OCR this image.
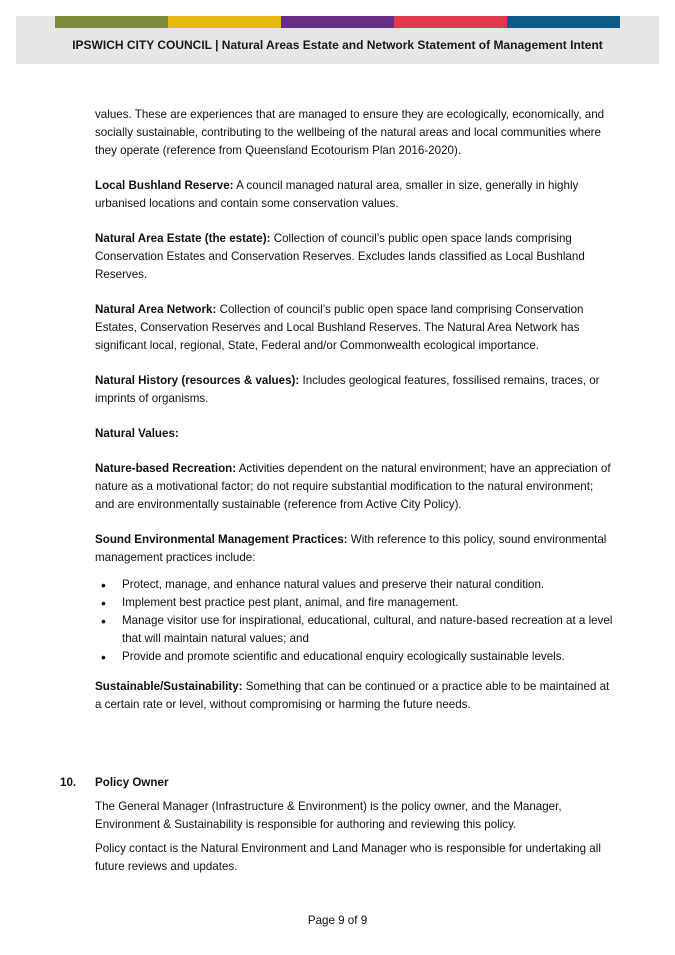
IPSWICH CITY COUNCIL | Natural Areas Estate and Network Statement of Management Intent

values. These are experiences that are managed to ensure they are ecologically, economically, and socially sustainable, contributing to the wellbeing of the natural areas and local communities where they operate (reference from Queensland Ecotourism Plan 2016-2020).

Local Bushland Reserve: A council managed natural area, smaller in size, generally in highly urbanised locations and contain some conservation values.

Natural Area Estate (the estate): Collection of council’s public open space lands comprising Conservation Estates and Conservation Reserves. Excludes lands classified as Local Bushland Reserves.

Natural Area Network: Collection of council’s public open space land comprising Conservation Estates, Conservation Reserves and Local Bushland Reserves. The Natural Area Network has significant local, regional, State, Federal and/or Commonwealth ecological importance.

Natural History (resources & values): Includes geological features, fossilised remains, traces, or imprints of organisms.

Natural Values:

Nature-based Recreation: Activities dependent on the natural environment; have an appreciation of nature as a motivational factor; do not require substantial modification to the natural environment; and are environmentally sustainable (reference from Active City Policy).

Sound Environmental Management Practices: With reference to this policy, sound environmental management practices include:

• Protect, manage, and enhance natural values and preserve their natural condition.
• Implement best practice pest plant, animal, and fire management.
• Manage visitor use for inspirational, educational, cultural, and nature-based recreation at a level that will maintain natural values; and
• Provide and promote scientific and educational enquiry ecologically sustainable levels.

Sustainable/Sustainability: Something that can be continued or a practice able to be maintained at a certain rate or level, without compromising or harming the future needs.

10.	Policy Owner

The General Manager (Infrastructure & Environment) is the policy owner, and the Manager, Environment & Sustainability is responsible for authoring and reviewing this policy.

Policy contact is the Natural Environment and Land Manager who is responsible for undertaking all future reviews and updates.

Page 9 of 9
